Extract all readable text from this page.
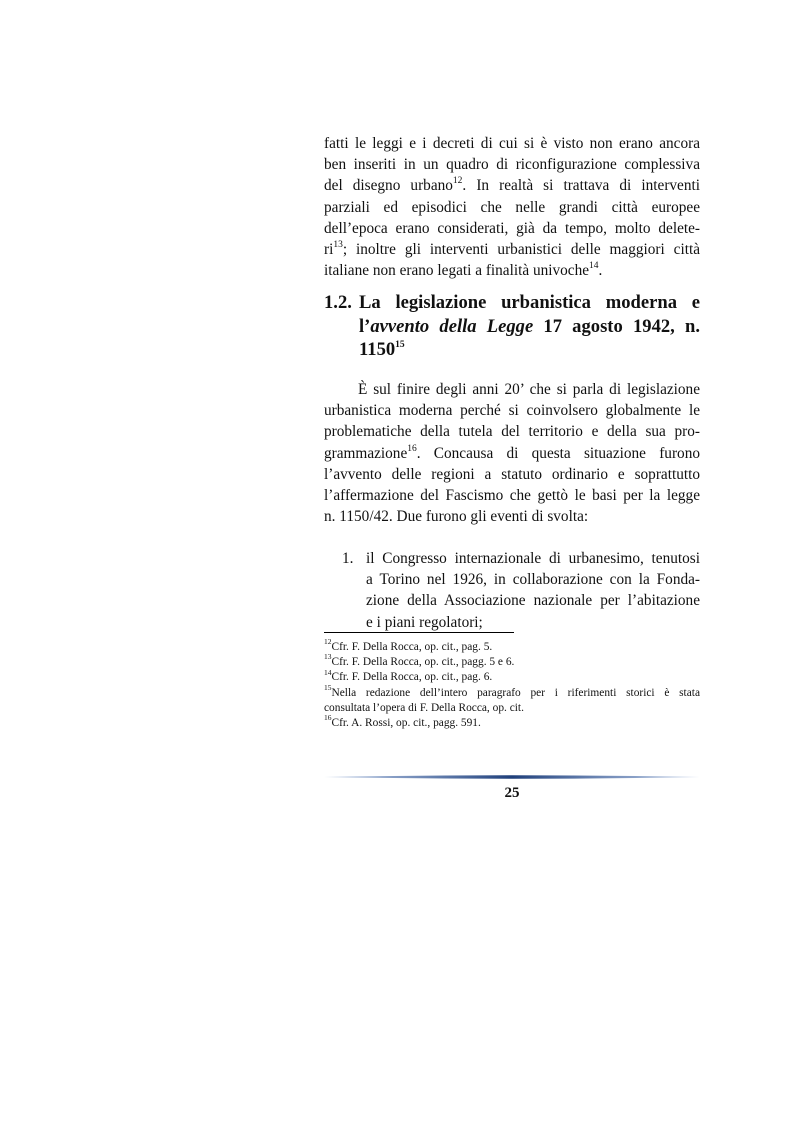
fatti le leggi e i decreti di cui si è visto non erano ancora
ben inseriti in un quadro di riconfigurazione complessiva
del disegno urbano$^{12}$. In realtà si trattava di interventi
parziali ed episodici che nelle grandi città europee
dell’epoca erano considerati, già da tempo, molto delete-
$ri^{13}$; inoltre gli interventi urbanistici delle maggiori città
italiane non erano legati a finalità univoche$^{14}$.
1.2. La legislazione urbanistica moderna e
l’avvento della Legge 17 agosto 1942, n.
1150$^{15}$
È sul finire degli anni 20’ che si parla di legislazione
urbanistica moderna perché si coinvolsero globalmente le
problematiche della tutela del territorio e della sua pro-
grammazione$^{16}$. Concausa di questa situazione furono
l’avvento delle regioni a statuto ordinario e soprattutto
l’affermazione del Fascismo che gettò le basi per la legge
n. 1150/42. Due furono gli eventi di svolta:
1. il Congresso internazionale di urbanesimo, tenutosi
a Torino nel 1926, in collaborazione con la Fonda-
zione della Associazione nazionale per l’abitazione
e i piani regolatori;
$^{12}$Cfr. F. Della Rocca, op. cit., pag. 5.
$^{13}$Cfr. F. Della Rocca, op. cit., pagg. 5 e 6.
$^{14}$Cfr. F. Della Rocca, op. cit., pag. 6.
$^{15}$Nella redazione dell’intero paragrafo per i riferimenti storici è stata
consultata l’opera di F. Della Rocca, op. cit.
$^{16}$Cfr. A. Rossi, op. cit., pagg. 591.
25
